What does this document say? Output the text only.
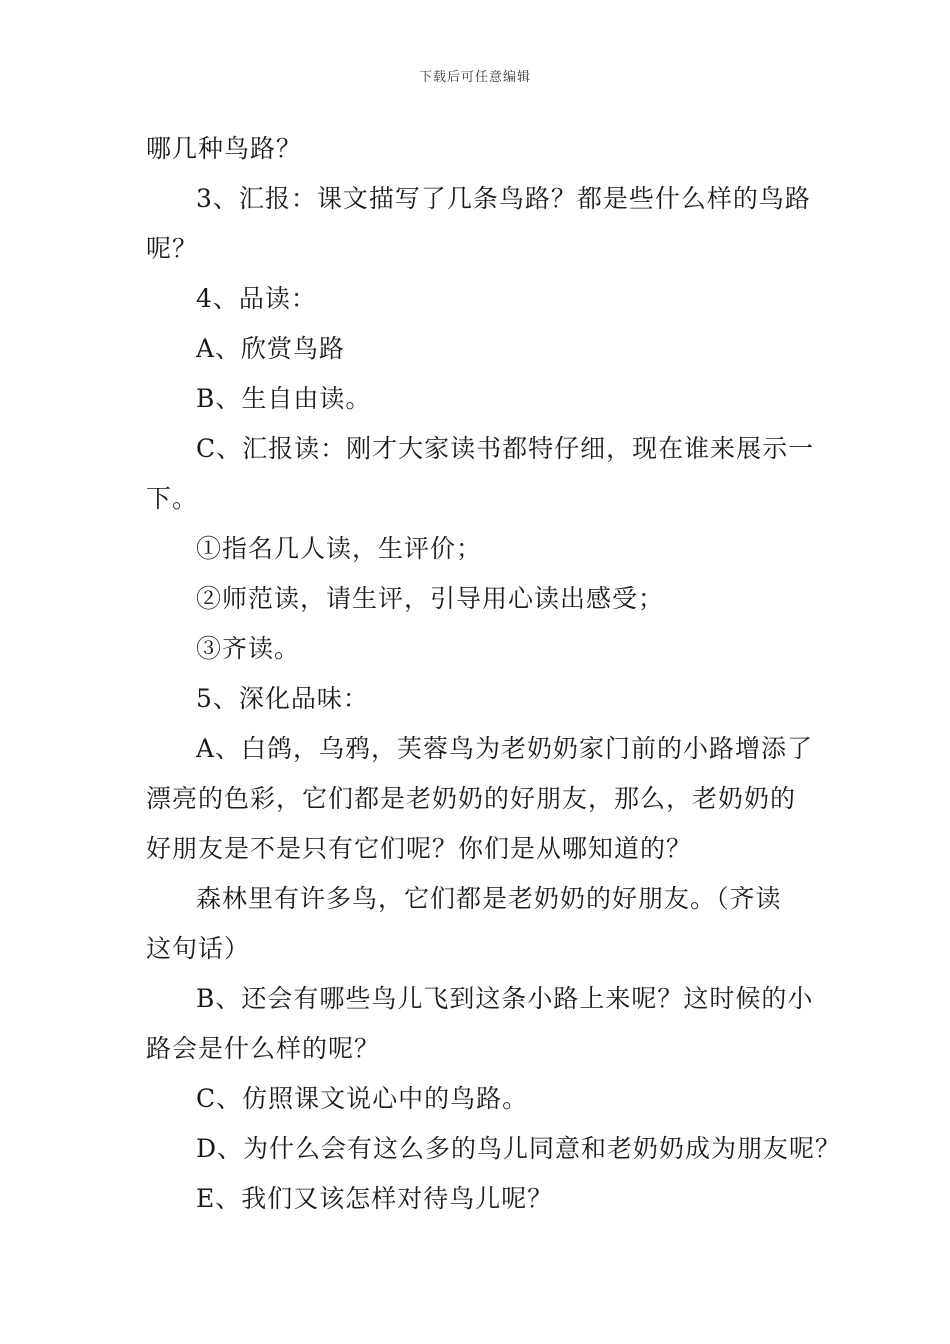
下载后可任意编辑
哪几种鸟路？
3、汇报：课文描写了几条鸟路？都是些什么样的鸟路
呢？
4、品读：
A、欣赏鸟路
B、生自由读。
C、汇报读：刚才大家读书都特仔细，现在谁来展示一
下。
①指名几人读，生评价；
②师范读，请生评，引导用心读出感受；
③齐读。
5、深化品味：
A、白鸽，乌鸦，芙蓉鸟为老奶奶家门前的小路增添了
漂亮的色彩，它们都是老奶奶的好朋友，那么，老奶奶的
好朋友是不是只有它们呢？你们是从哪知道的？
森林里有许多鸟，它们都是老奶奶的好朋友。（齐读
这句话）
B、还会有哪些鸟儿飞到这条小路上来呢？这时候的小
路会是什么样的呢？
C、仿照课文说心中的鸟路。
D、为什么会有这么多的鸟儿同意和老奶奶成为朋友呢？
E、我们又该怎样对待鸟儿呢？
